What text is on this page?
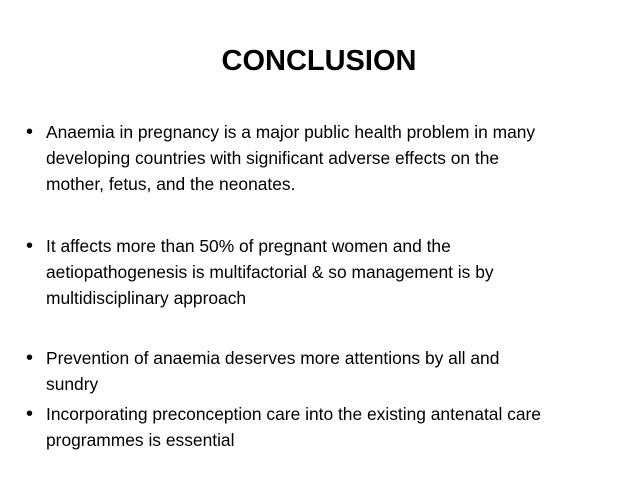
CONCLUSION
• Anaemia in pregnancy is a major public health problem in many
developing countries with significant adverse effects on the
mother, fetus, and the neonates.
• It affects more than 50% of pregnant women and the
aetiopathogenesis is multifactorial & so management is by
multidisciplinary approach
• Prevention of anaemia deserves more attentions by all and
sundry
• Incorporating preconception care into the existing antenatal care
programmes is essential
